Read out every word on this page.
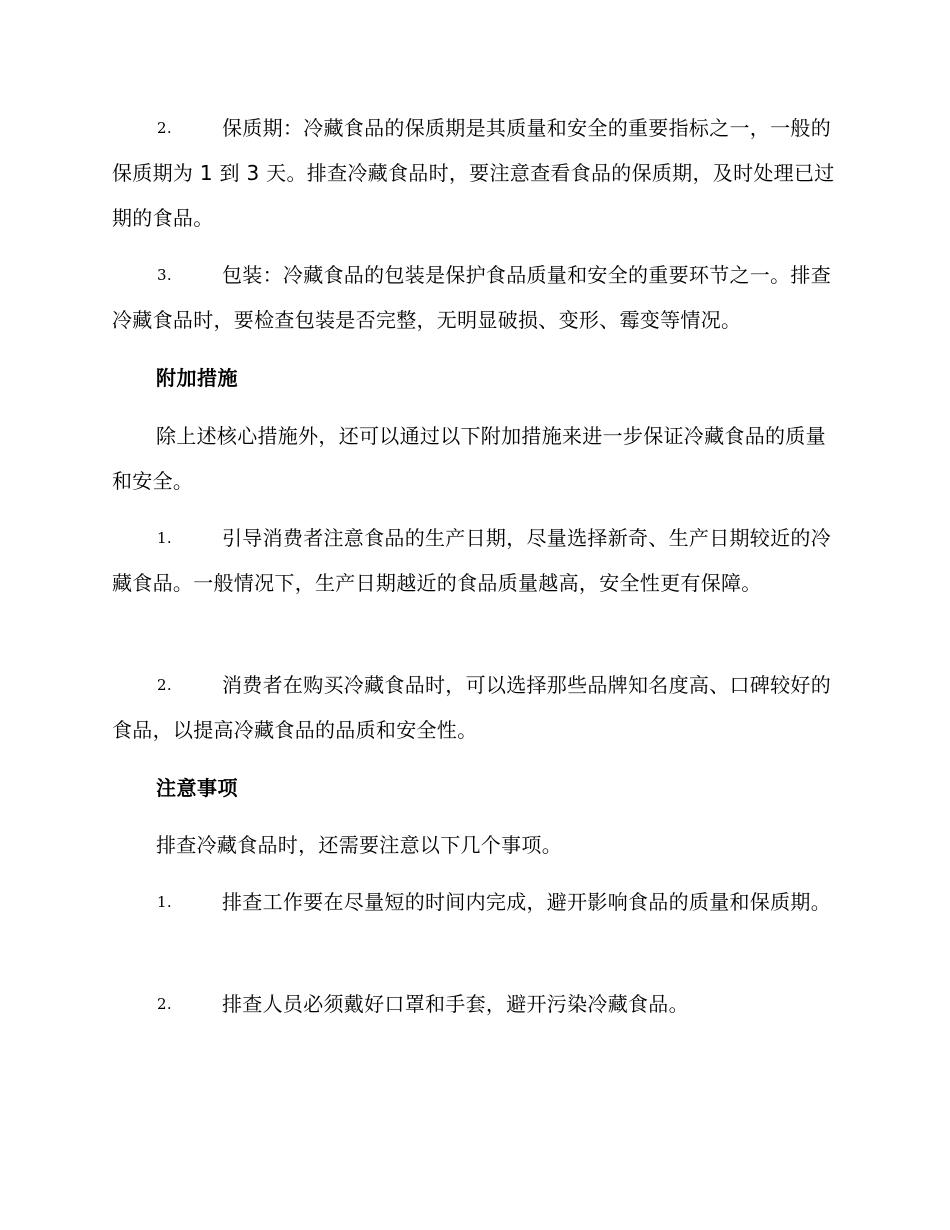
2.	保质期：冷藏食品的保质期是其质量和安全的重要指标之一，一般的保质期为 1 到 3 天。排查冷藏食品时，要注意查看食品的保质期，及时处理已过期的食品。
3.	包装：冷藏食品的包装是保护食品质量和安全的重要环节之一。排查冷藏食品时，要检查包装是否完整，无明显破损、变形、霉变等情况。
附加措施
除上述核心措施外，还可以通过以下附加措施来进一步保证冷藏食品的质量和安全。
1.	引导消费者注意食品的生产日期，尽量选择新奇、生产日期较近的冷藏食品。一般情况下，生产日期越近的食品质量越高，安全性更有保障。
2.	消费者在购买冷藏食品时，可以选择那些品牌知名度高、口碑较好的食品，以提高冷藏食品的品质和安全性。
注意事项
排查冷藏食品时，还需要注意以下几个事项。
1.	排查工作要在尽量短的时间内完成，避开影响食品的质量和保质期。
2.	排查人员必须戴好口罩和手套，避开污染冷藏食品。
